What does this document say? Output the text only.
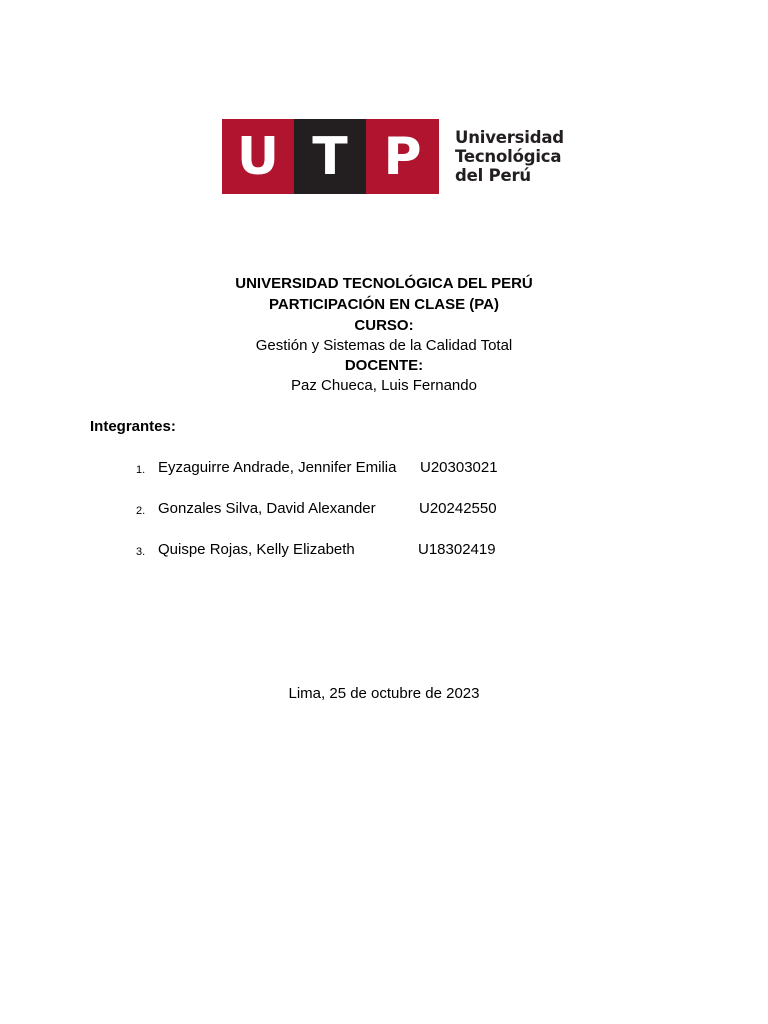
U T P Universidad
Tecnológica
del Perú
UNIVERSIDAD TECNOLÓGICA DEL PERÚ
PARTICIPACIÓN EN CLASE (PA)
CURSO:
Gestión y Sistemas de la Calidad Total
DOCENTE:
Paz Chueca, Luis Fernando
Integrantes:
1. Eyzaguirre Andrade, Jennifer Emilia U20303021
2. Gonzales Silva, David Alexander	U20242550
3. Quispe Rojas, Kelly Elizabeth	U18302419
Lima, 25 de octubre de 2023
